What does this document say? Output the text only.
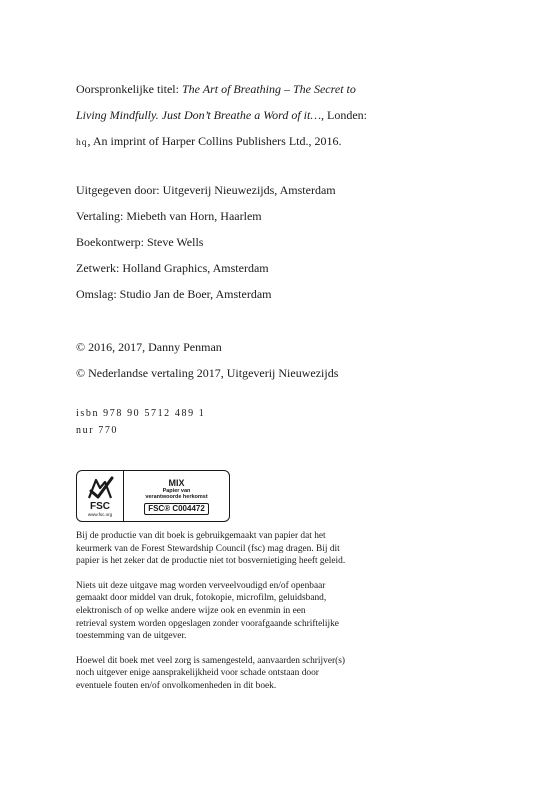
Oorspronkelijke titel: The Art of Breathing – The Secret to

Living Mindfully. Just Don’t Breathe a Word of it…, Londen:

hq, An imprint of Harper Collins Publishers Ltd., 2016.

Uitgegeven door: Uitgeverij Nieuwezijds, Amsterdam

Vertaling: Miebeth van Horn, Haarlem

Boekontwerp: Steve Wells

Zetwerk: Holland Graphics, Amsterdam

Omslag: Studio Jan de Boer, Amsterdam

© 2016, 2017, Danny Penman

© Nederlandse vertaling 2017, Uitgeverij Nieuwezijds

isbn 978 90 5712 489 1

nur 770

FSC
www.fsc.org
MIX
Papier van
verantwoorde herkomst
FSC® C004472

Bij de productie van dit boek is gebruikgemaakt van papier dat het

keurmerk van de Forest Stewardship Council (fsc) mag dragen. Bij dit

papier is het zeker dat de productie niet tot bosvernietiging heeft geleid.

Niets uit deze uitgave mag worden verveelvoudigd en/of openbaar

gemaakt door middel van druk, fotokopie, microfilm, geluidsband,

elektronisch of op welke andere wijze ook en evenmin in een

retrieval system worden opgeslagen zonder voorafgaande schriftelijke

toestemming van de uitgever.

Hoewel dit boek met veel zorg is samengesteld, aanvaarden schrijver(s)

noch uitgever enige aansprakelijkheid voor schade ontstaan door

eventuele fouten en/of onvolkomenheden in dit boek.
